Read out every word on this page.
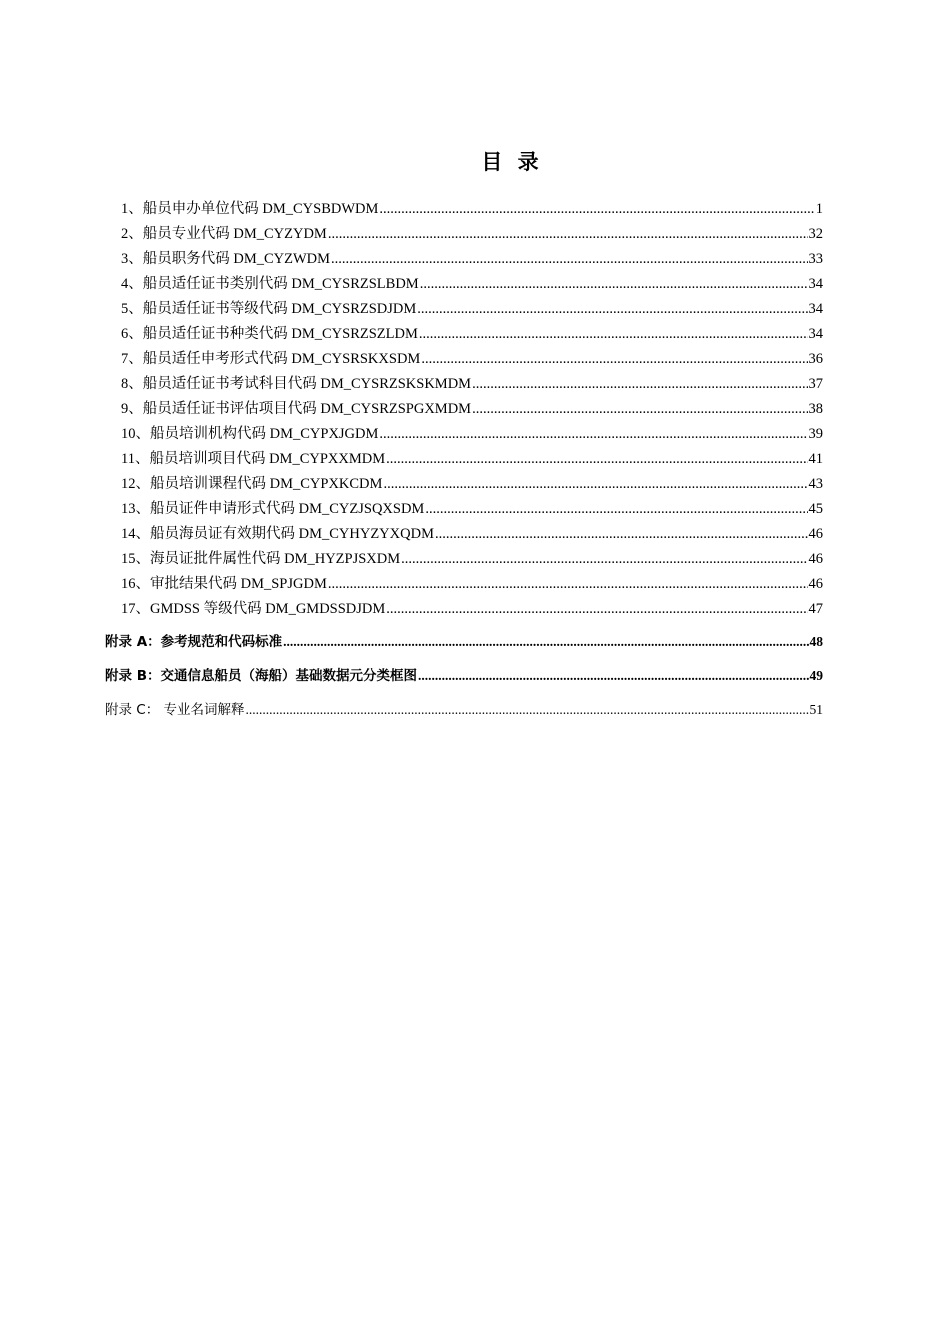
目 录
1、船员申办单位代码 DM_CYSBDWDM .....	1
2、船员专业代码 DM_CYZYDM .....	32
3、船员职务代码 DM_CYZWDM .....	33
4、船员适任证书类别代码 DM_CYSRZSLBDM .....	34
5、船员适任证书等级代码 DM_CYSRZSDJDM .....	34
6、船员适任证书种类代码 DM_CYSRZSZLDM .....	34
7、船员适任申考形式代码 DM_CYSRSKXSDM .....	36
8、船员适任证书考试科目代码 DM_CYSRZSKSKMDM .....	37
9、船员适任证书评估项目代码 DM_CYSRZSPGXMDM .....	38
10、船员培训机构代码 DM_CYPXJGDM .....	39
11、船员培训项目代码 DM_CYPXXMDM .....	41
12、船员培训课程代码 DM_CYPXKCDM .....	43
13、船员证件申请形式代码 DM_CYZJSQXSDM .....	45
14、船员海员证有效期代码 DM_CYHYZYXQDM .....	46
15、海员证批件属性代码 DM_HYZPJSXDM .....	46
16、审批结果代码 DM_SPJGDM .....	46
17、GMDSS 等级代码 DM_GMDSSDJDM .....	47
附录 A：参考规范和代码标准 .....	48
附录 B：交通信息船员（海船）基础数据元分类框图 .....	49
附录 C： 专业名词解释 .....	51
